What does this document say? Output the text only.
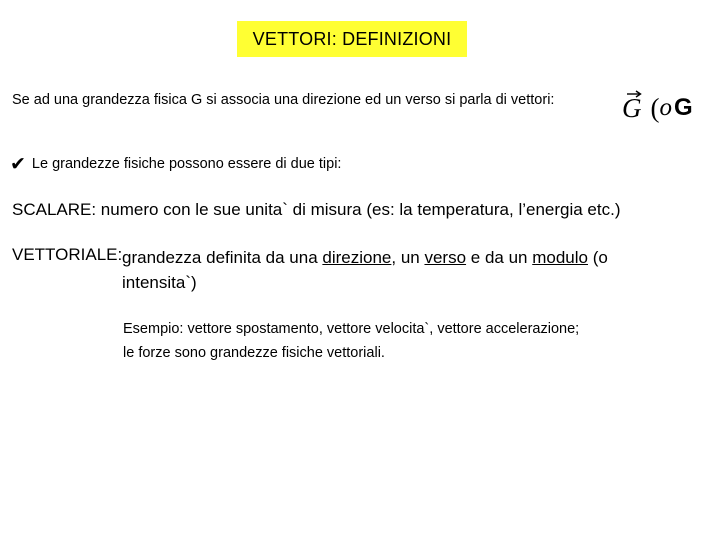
VETTORI: DEFINIZIONI
Se ad una grandezza fisica G si associa una direzione ed un verso si parla di vettori:	G ( o G
✔ Le grandezze fisiche possono essere di due tipi:
SCALARE: numero con le sue unita` di misura (es: la temperatura, l’energia etc.)
VETTORIALE: grandezza definita da una direzione, un verso e da un modulo (o intensita`)
Esempio: vettore spostamento, vettore velocita`, vettore accelerazione;
le forze sono grandezze fisiche vettoriali.
